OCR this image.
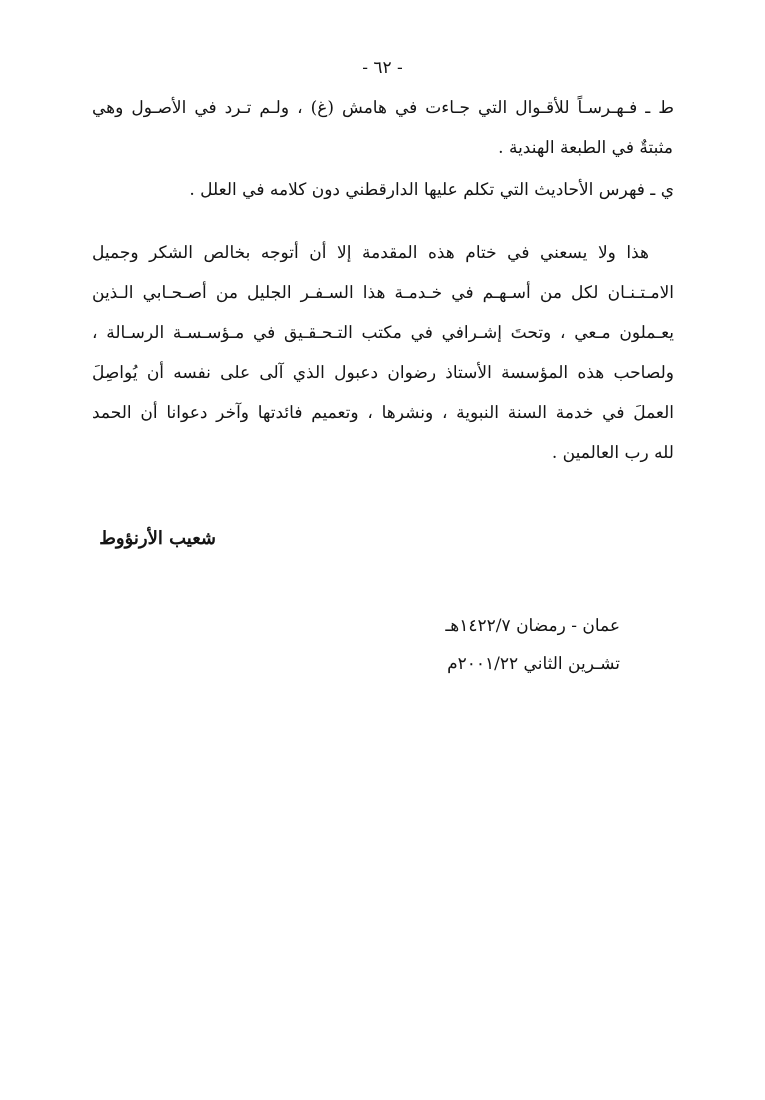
- ٦٢ -
ط ـ فـهـرسـاً للأقـوال التي جـاءت في هامش (غ) ، ولـم تـرد في الأصـول وهي
مثبتةٌ في الطبعة الهندية .
ي ـ فهرس الأحاديث التي تكلم عليها الدارقطني دون كلامه في العلل .
هذا ولا يسعني في ختام هذه المقدمة إلا أن أتوجه بخالص الشكر وجميل
الامـتـنـان لكل من أسـهـم في خـدمـة هذا السـفـر الجليل من أصـحـابي الـذين
يعـملون مـعي ، وتحتَ إشـرافي في مكتب التـحـقـيق في مـؤسـسـة الرسـالة ،
ولصاحب هذه المؤسسة الأستاذ رضوان دعبول الذي آلى على نفسه أن يُواصِلَ
العملَ في خدمة السنة النبوية ، ونشرها ، وتعميم فائدتها وآخر دعوانا أن الحمد
لله رب العالمين .
شعيب الأرنؤوط
عمان - رمضان ١٤٢٢/٧هـ
تشـرين الثاني ٢٠٠١/٢٢م
